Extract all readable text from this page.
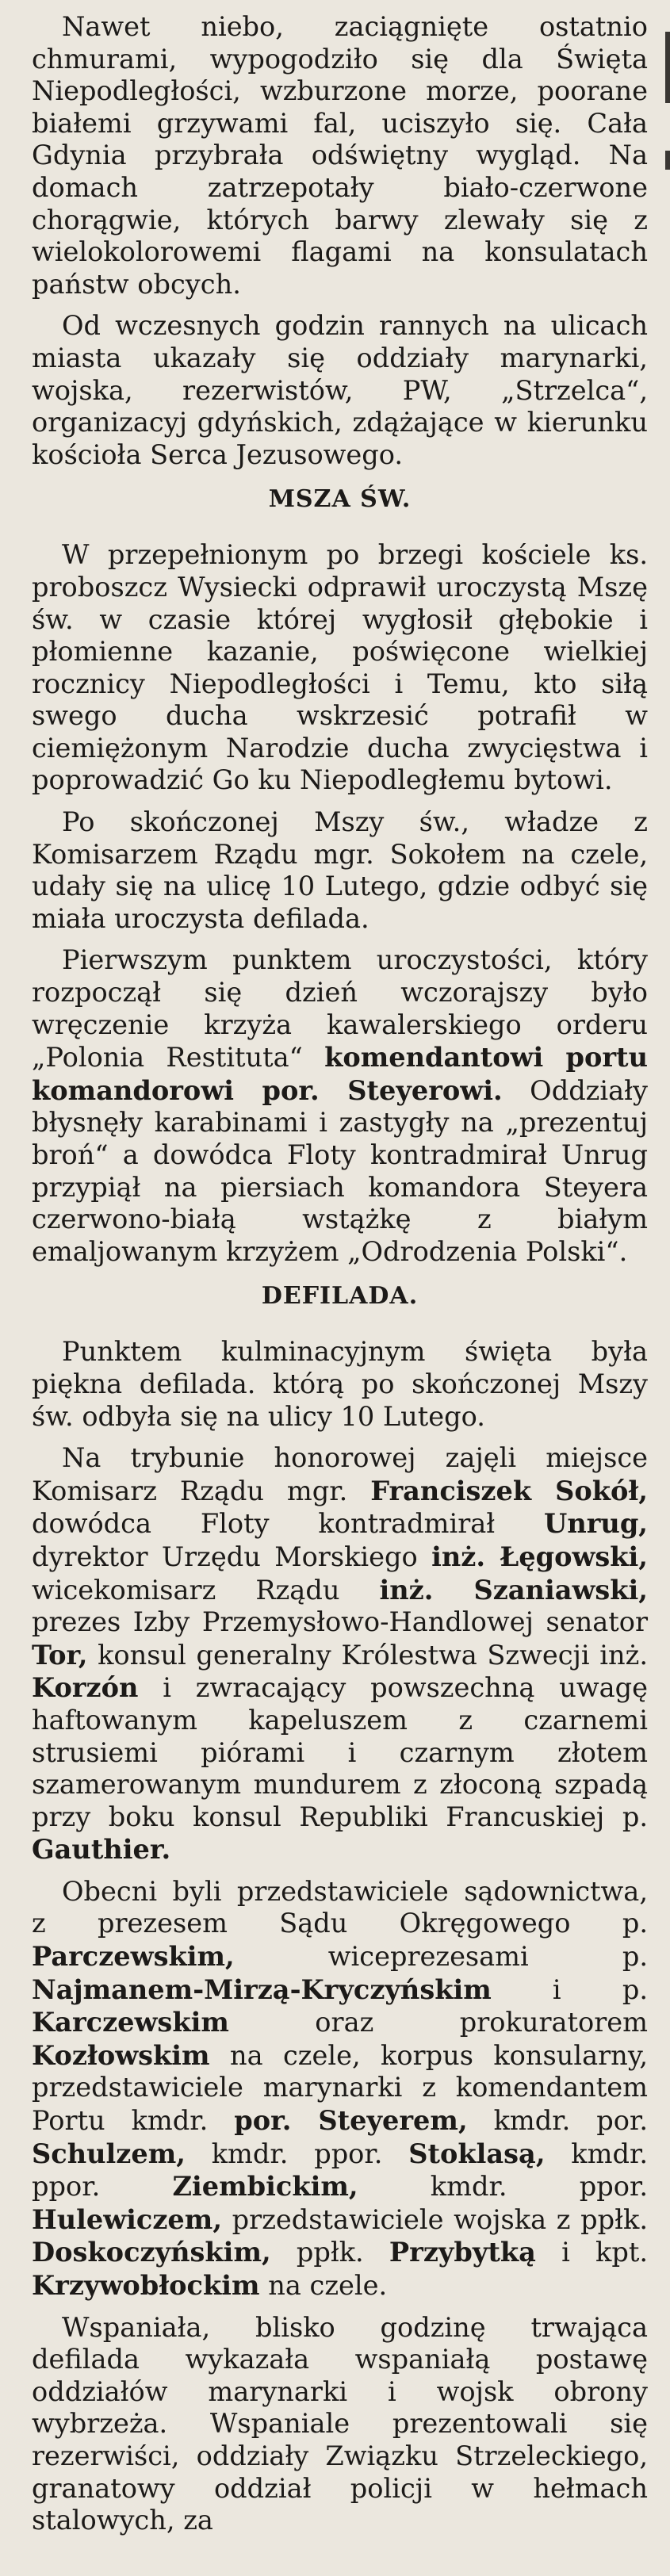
Nawet niebo, zaciągnięte ostatnio chmurami, wypogodziło się dla Święta Niepodległości, wzburzone morze, poorane białemi grzywami fal, uciszyło się. Cała Gdynia przybrała odświętny wygląd. Na domach zatrzepotały biało-czerwone chorągwie, których barwy zlewały się z wielokolorowemi flagami na konsulatach państw obcych.

Od wczesnych godzin rannych na ulicach miasta ukazały się oddziały marynarki, wojska, rezerwistów, PW, „Strzelca“, organizacyj gdyńskich, zdążające w kierunku kościoła Serca Jezusowego.

MSZA ŚW.

W przepełnionym po brzegi kościele ks. proboszcz Wysiecki odprawił uroczystą Mszę św. w czasie której wygłosił głębokie i płomienne kazanie, poświęcone wielkiej rocznicy Niepodległości i Temu, kto siłą swego ducha wskrzesić potrafił w ciemiężonym Narodzie ducha zwycięstwa i poprowadzić Go ku Niepodległemu bytowi.

Po skończonej Mszy św., władze z Komisarzem Rządu mgr. Sokołem na czele, udały się na ulicę 10 Lutego, gdzie odbyć się miała uroczysta defilada.

Pierwszym punktem uroczystości, który rozpoczął się dzień wczorajszy było wręczenie krzyża kawalerskiego orderu „Polonia Restituta“ komendantowi portu komandorowi por. Steyerowi. Oddziały błysnęły karabinami i zastygły na „prezentuj broń“ a dowódca Floty kontradmirał Unrug przypiął na piersiach komandora Steyera czerwono-białą wstążkę z białym emaljowanym krzyżem „Odrodzenia Polski“.

DEFILADA.

Punktem kulminacyjnym święta była piękna defilada. którą po skończonej Mszy św. odbyła się na ulicy 10 Lutego.

Na trybunie honorowej zajęli miejsce Komisarz Rządu mgr. Franciszek Sokół, dowódca Floty kontradmirał Unrug, dyrektor Urzędu Morskiego inż. Łęgowski, wicekomisarz Rządu inż. Szaniawski, prezes Izby Przemysłowo-Handlowej senator Tor, konsul generalny Królestwa Szwecji inż. Korzón i zwracający powszechną uwagę haftowanym kapeluszem z czarnemi strusiemi piórami i czarnym złotem szamerowanym mundurem z złoconą szpadą przy boku konsul Republiki Francuskiej p. Gauthier.

Obecni byli przedstawiciele sądownictwa, z prezesem Sądu Okręgowego p. Parczewskim, wiceprezesami p. Najmanem-Mirzą-Kryczyńskim i p. Karczewskim oraz prokuratorem Kozłowskim na czele, korpus konsularny, przedstawiciele marynarki z komendantem Portu kmdr. por. Steyerem, kmdr. por. Schulzem, kmdr. ppor. Stoklasą, kmdr. ppor. Ziembickim, kmdr. ppor. Hulewiczem, przedstawiciele wojska z ppłk. Doskoczyńskim, ppłk. Przybytką i kpt. Krzywobłockim na czele.

Wspaniała, blisko godzinę trwająca defilada wykazała wspaniałą postawę oddziałów marynarki i wojsk obrony wybrzeża. Wspaniale prezentowali się rezerwiści, oddziały Związku Strzeleckiego, granatowy oddział policji w hełmach stalowych, za
